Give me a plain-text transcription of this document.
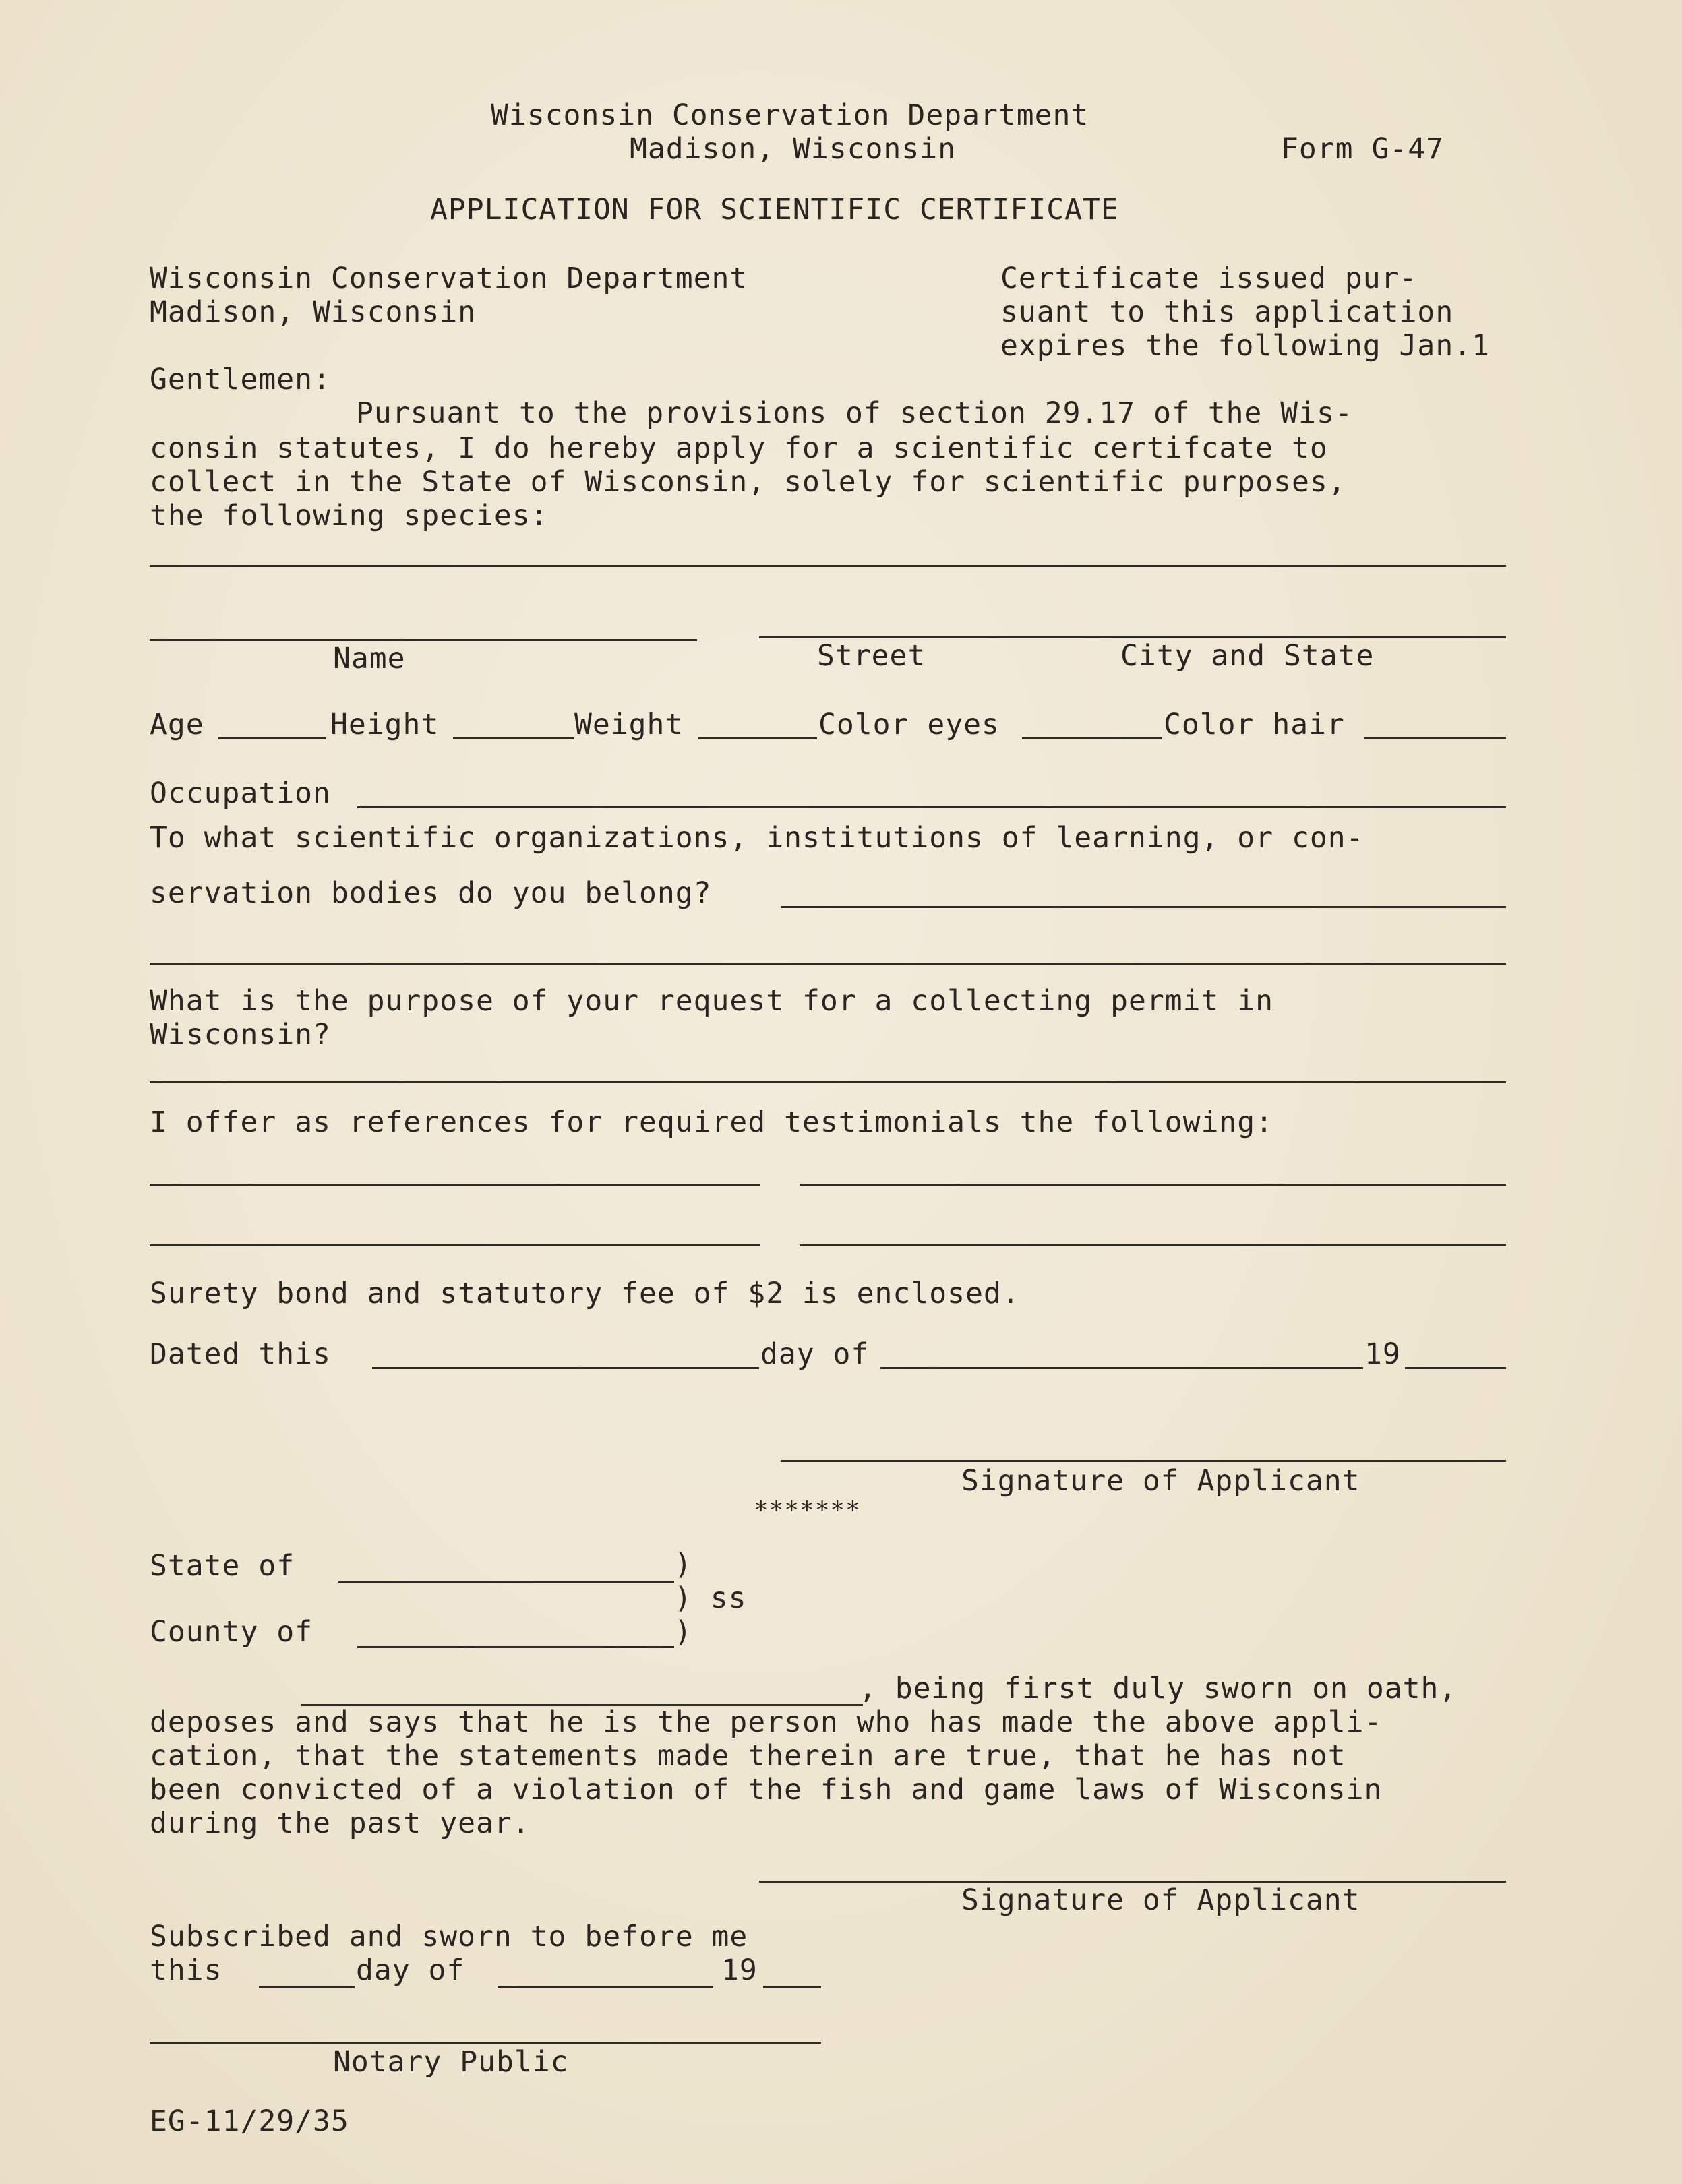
Wisconsin Conservation Department
Madison, Wisconsin	Form G-47
APPLICATION FOR SCIENTIFIC CERTIFICATE
Wisconsin Conservation Department
Madison, Wisconsin
Certificate issued pur-
suant to this application
expires the following Jan.1
Gentlemen:
Pursuant to the provisions of section 29.17 of the Wis-
consin statutes, I do hereby apply for a scientific certifcate to
collect in the State of Wisconsin, solely for scientific purposes,
the following species:
Name	Street	City and State
Age	Height	Weight	Color eyes	Color hair
Occupation
To what scientific organizations, institutions of learning, or con-
servation bodies do you belong?
What is the purpose of your request for a collecting permit in
Wisconsin?
I offer as references for required testimonials the following:
Surety bond and statutory fee of $2 is enclosed.
Dated this	day of	19
Signature of Applicant
*******
State of	)
) ss
County of	)
, being first duly sworn on oath,
deposes and says that he is the person who has made the above appli-
cation, that the statements made therein are true, that he has not
been convicted of a violation of the fish and game laws of Wisconsin
during the past year.
Signature of Applicant
Subscribed and sworn to before me
this	day of	19
Notary Public
EG-11/29/35
